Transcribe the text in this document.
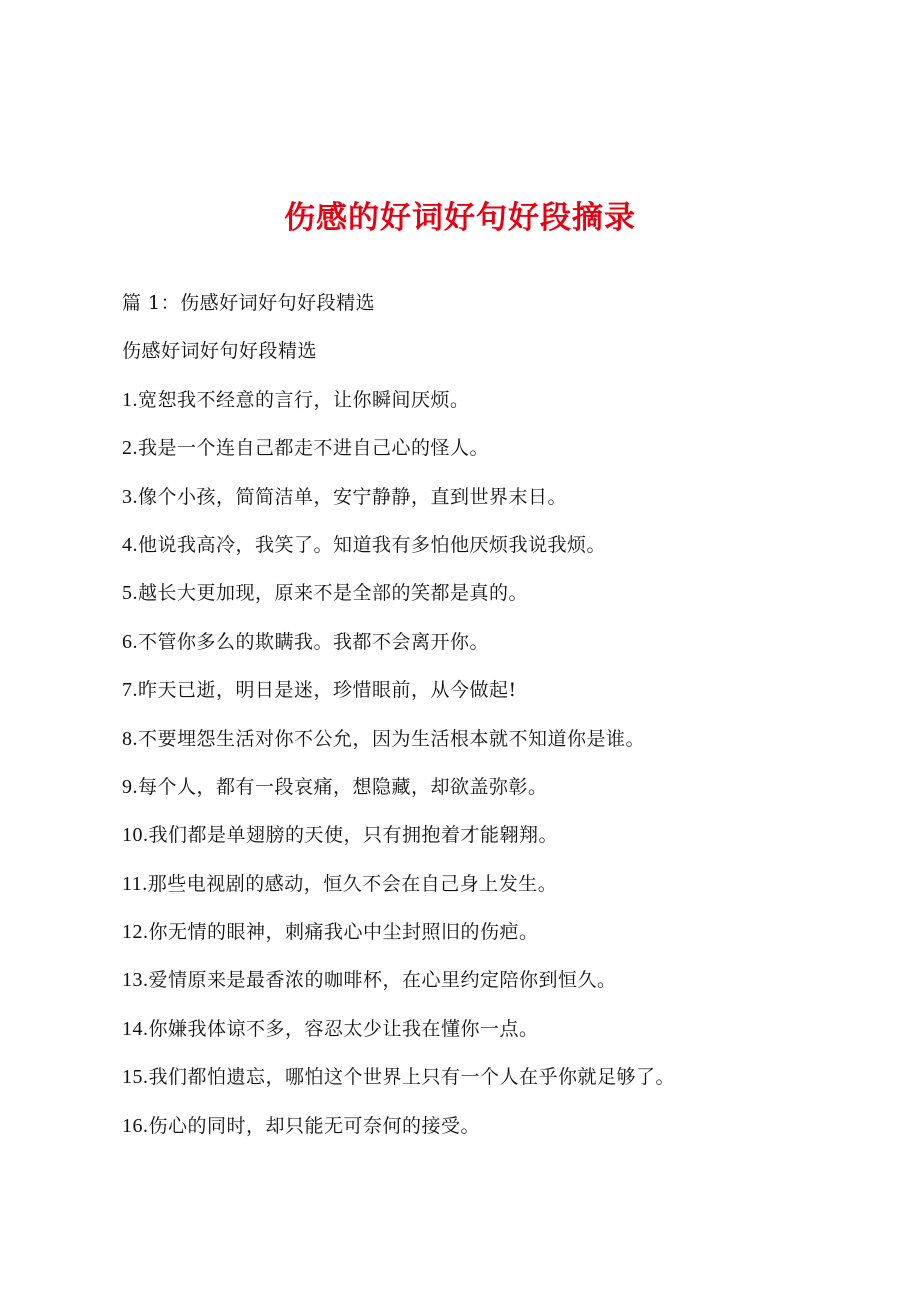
伤感的好词好句好段摘录

篇 1：伤感好词好句好段精选

伤感好词好句好段精选

1.宽恕我不经意的言行，让你瞬间厌烦。

2.我是一个连自己都走不进自己心的怪人。

3.像个小孩，简简洁单，安宁静静，直到世界末日。

4.他说我高冷，我笑了。知道我有多怕他厌烦我说我烦。

5.越长大更加现，原来不是全部的笑都是真的。

6.不管你多么的欺瞒我。我都不会离开你。

7.昨天已逝，明日是迷，珍惜眼前，从今做起!

8.不要埋怨生活对你不公允，因为生活根本就不知道你是谁。

9.每个人，都有一段哀痛，想隐藏，却欲盖弥彰。

10.我们都是单翅膀的天使，只有拥抱着才能翱翔。

11.那些电视剧的感动，恒久不会在自己身上发生。

12.你无情的眼神，刺痛我心中尘封照旧的伤疤。

13.爱情原来是最香浓的咖啡杯，在心里约定陪你到恒久。

14.你嫌我体谅不多，容忍太少让我在懂你一点。

15.我们都怕遗忘，哪怕这个世界上只有一个人在乎你就足够了。

16.伤心的同时，却只能无可奈何的接受。
